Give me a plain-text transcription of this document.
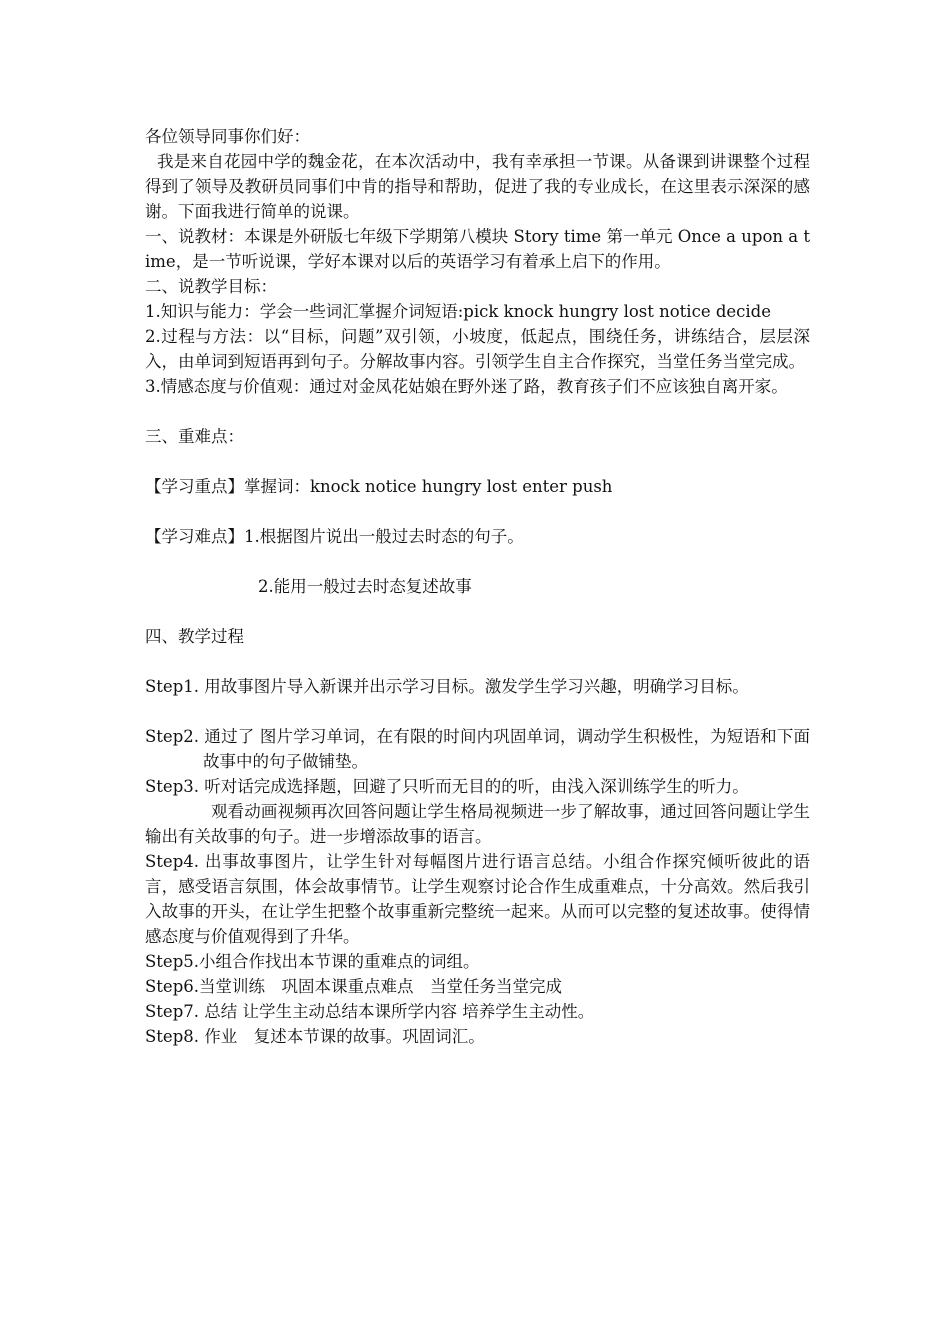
各位领导同事你们好：

我是来自花园中学的魏金花，在本次活动中，我有幸承担一节课。从备课到讲课整个过程得到了领导及教研员同事们中肯的指导和帮助，促进了我的专业成长，在这里表示深深的感谢。下面我进行简单的说课。

一、说教材：本课是外研版七年级下学期第八模块 Story time 第一单元 Once a upon a time，是一节听说课，学好本课对以后的英语学习有着承上启下的作用。

二、说教学目标：

1.知识与能力：学会一些词汇掌握介词短语:pick knock hungry lost notice decide

2.过程与方法：以“目标，问题”双引领，小坡度，低起点，围绕任务，讲练结合，层层深入，由单词到短语再到句子。分解故事内容。引领学生自主合作探究，当堂任务当堂完成。

3.情感态度与价值观：通过对金凤花姑娘在野外迷了路，教育孩子们不应该独自离开家。

三、重难点：

【学习重点】掌握词：knock notice hungry lost enter push

【学习难点】1.根据图片说出一般过去时态的句子。

2.能用一般过去时态复述故事

四、教学过程

Step1. 用故事图片导入新课并出示学习目标。激发学生学习兴趣，明确学习目标。

Step2. 通过了 图片学习单词，在有限的时间内巩固单词，调动学生积极性，为短语和下面故事中的句子做铺垫。

Step3. 听对话完成选择题，回避了只听而无目的的听，由浅入深训练学生的听力。

观看动画视频再次回答问题让学生格局视频进一步了解故事，通过回答问题让学生输出有关故事的句子。进一步增添故事的语言。

Step4. 出事故事图片，让学生针对每幅图片进行语言总结。小组合作探究倾听彼此的语言，感受语言氛围，体会故事情节。让学生观察讨论合作生成重难点，十分高效。然后我引入故事的开头，在让学生把整个故事重新完整统一起来。从而可以完整的复述故事。使得情感态度与价值观得到了升华。

Step5.小组合作找出本节课的重难点的词组。

Step6.当堂训练　巩固本课重点难点　当堂任务当堂完成

Step7. 总结 让学生主动总结本课所学内容 培养学生主动性。

Step8. 作业　复述本节课的故事。巩固词汇。
